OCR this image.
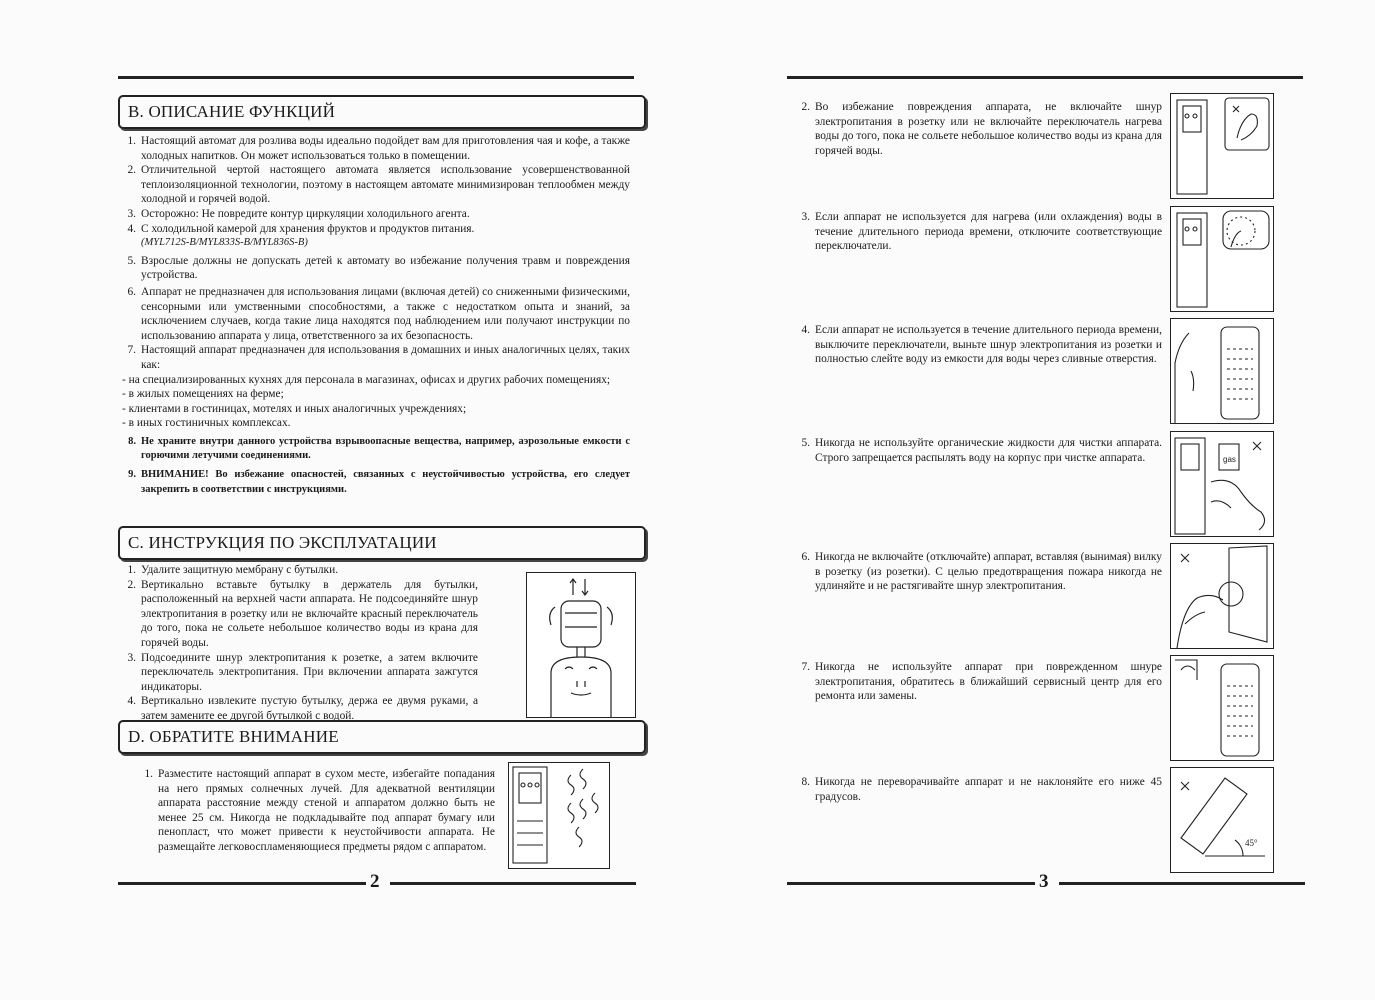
B. ОПИСАНИЕ ФУНКЦИЙ
1. Настоящий автомат для розлива воды идеально подойдет вам для приготовления чая и кофе, а также холодных напитков. Он может использоваться только в помещении.
2. Отличительной чертой настоящего автомата является использование усовершенствованной теплоизоляционной технологии, поэтому в настоящем автомате минимизирован теплообмен между холодной и горячей водой.
3. Осторожно: Не повредите контур циркуляции холодильного агента.
4. С холодильной камерой для хранения фруктов и продуктов питания.
(MYL712S-B/MYL833S-B/MYL836S-B)
5. Взрослые должны не допускать детей к автомату во избежание получения травм и повреждения устройства.
6. Аппарат не предназначен для использования лицами (включая детей) со сниженными физическими, сенсорными или умственными способностями, а также с недостатком опыта и знаний, за исключением случаев, когда такие лица находятся под наблюдением или получают инструкции по использованию аппарата у лица, ответственного за их безопасность.
7. Настоящий аппарат предназначен для использования в домашних и иных аналогичных целях, таких как:
- на специализированных кухнях для персонала в магазинах, офисах и других рабочих помещениях;
- в жилых помещениях на ферме;
- клиентами в гостиницах, мотелях и иных аналогичных учреждениях;
- в иных гостиничных комплексах.
8. Не храните внутри данного устройства взрывоопасные вещества, например, аэрозольные емкости с горючими летучими соединениями.
9. ВНИМАНИЕ! Во избежание опасностей, связанных с неустойчивостью устройства, его следует закрепить в соответствии с инструкциями.
C. ИНСТРУКЦИЯ ПО ЭКСПЛУАТАЦИИ
1. Удалите защитную мембрану с бутылки.
2. Вертикально вставьте бутылку в держатель для бутылки, расположенный на верхней части аппарата. Не подсоединяйте шнур электропитания в розетку или не включайте красный переключатель до того, пока не сольете небольшое количество воды из крана для горячей воды.
3. Подсоедините шнур электропитания к розетке, а затем включите переключатель электропитания. При включении аппарата зажгутся индикаторы.
4. Вертикально извлеките пустую бутылку, держа ее двумя руками, а затем замените ее другой бутылкой с водой.
D. ОБРАТИТЕ ВНИМАНИЕ
1. Разместите настоящий аппарат в сухом месте, избегайте попадания на него прямых солнечных лучей. Для адекватной вентиляции аппарата расстояние между стеной и аппаратом должно быть не менее 25 см. Никогда не подкладывайте под аппарат бумагу или пенопласт, что может привести к неустойчивости аппарата. Не размещайте легковоспламеняющиеся предметы рядом с аппаратом.
2
2. Во избежание повреждения аппарата, не включайте шнур электропитания в розетку или не включайте переключатель нагрева воды до того, пока не сольете небольшое количество воды из крана для горячей воды.
3. Если аппарат не используется для нагрева (или охлаждения) воды в течение длительного периода времени, отключите соответствующие переключатели.
4. Если аппарат не используется в течение длительного периода времени, выключите переключатели, выньте шнур электропитания из розетки и полностью слейте воду из емкости для воды через сливные отверстия.
5. Никогда не используйте органические жидкости для чистки аппарата. Строго запрещается распылять воду на корпус при чистке аппарата.	gas
6. Никогда не включайте (отключайте) аппарат, вставляя (вынимая) вилку в розетку (из розетки). С целью предотвращения пожара никогда не удлиняйте и не растягивайте шнур электропитания.
7. Никогда не используйте аппарат при поврежденном шнуре электропитания, обратитесь в ближайший сервисный центр для его ремонта или замены.
8. Никогда не переворачивайте аппарат и не наклоняйте его ниже 45 градусов.
45°
3
